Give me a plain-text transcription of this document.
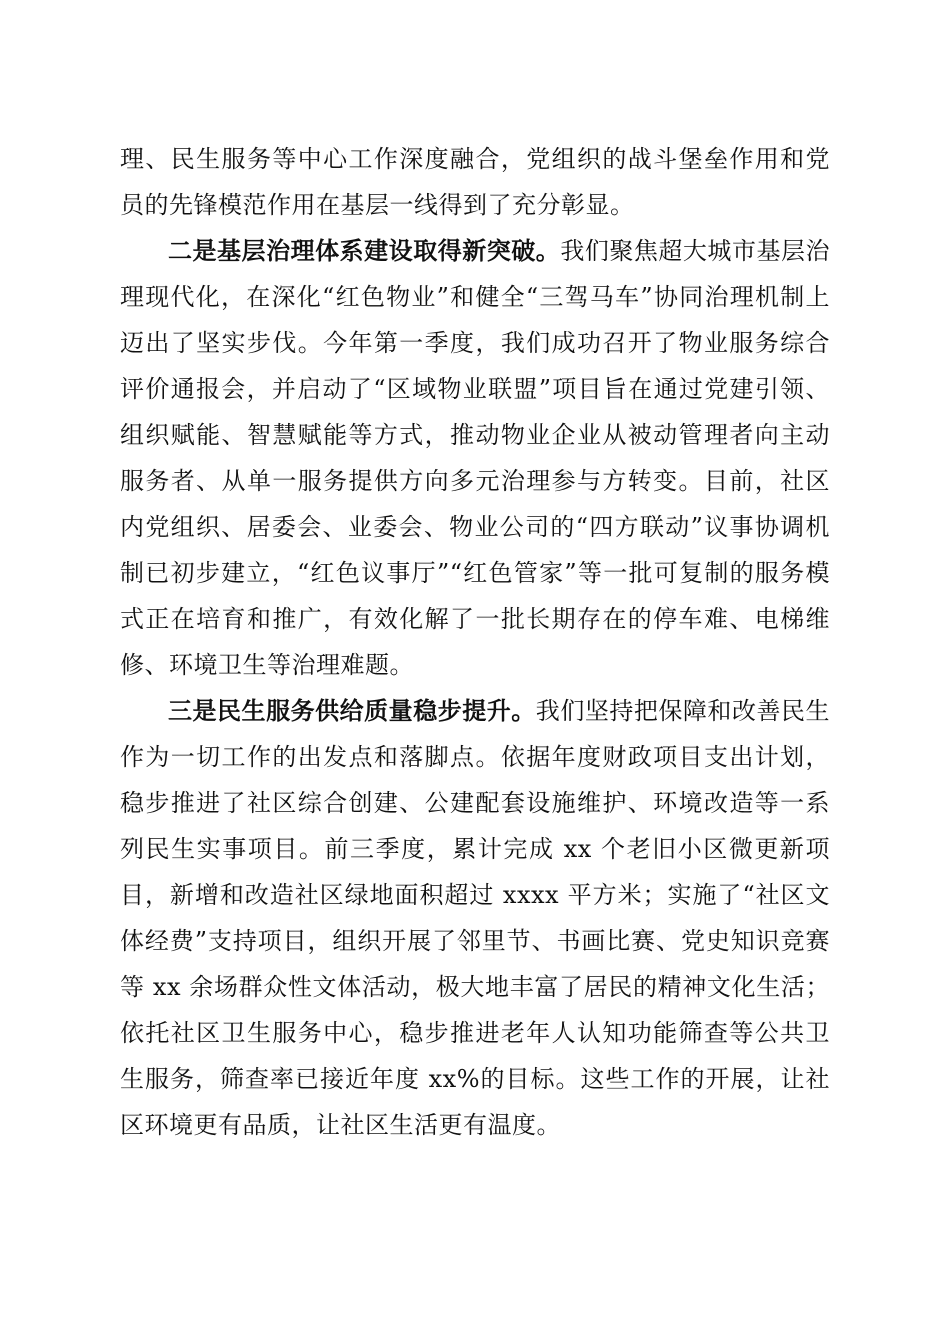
理、民生服务等中心工作深度融合，党组织的战斗堡垒作用和党员的先锋模范作用在基层一线得到了充分彰显。

二是基层治理体系建设取得新突破。我们聚焦超大城市基层治理现代化，在深化“红色物业”和健全“三驾马车”协同治理机制上迈出了坚实步伐。今年第一季度，我们成功召开了物业服务综合评价通报会，并启动了“区域物业联盟”项目旨在通过党建引领、组织赋能、智慧赋能等方式，推动物业企业从被动管理者向主动服务者、从单一服务提供方向多元治理参与方转变。目前，社区内党组织、居委会、业委会、物业公司的“四方联动”议事协调机制已初步建立，“红色议事厅”“红色管家”等一批可复制的服务模式正在培育和推广，有效化解了一批长期存在的停车难、电梯维修、环境卫生等治理难题。

三是民生服务供给质量稳步提升。我们坚持把保障和改善民生作为一切工作的出发点和落脚点。依据年度财政项目支出计划，稳步推进了社区综合创建、公建配套设施维护、环境改造等一系列民生实事项目。前三季度，累计完成 xx 个老旧小区微更新项目，新增和改造社区绿地面积超过 xxxx 平方米；实施了“社区文体经费”支持项目，组织开展了邻里节、书画比赛、党史知识竞赛等 xx 余场群众性文体活动，极大地丰富了居民的精神文化生活；依托社区卫生服务中心，稳步推进老年人认知功能筛查等公共卫生服务，筛查率已接近年度 xx%的目标。这些工作的开展，让社区环境更有品质，让社区生活更有温度。
